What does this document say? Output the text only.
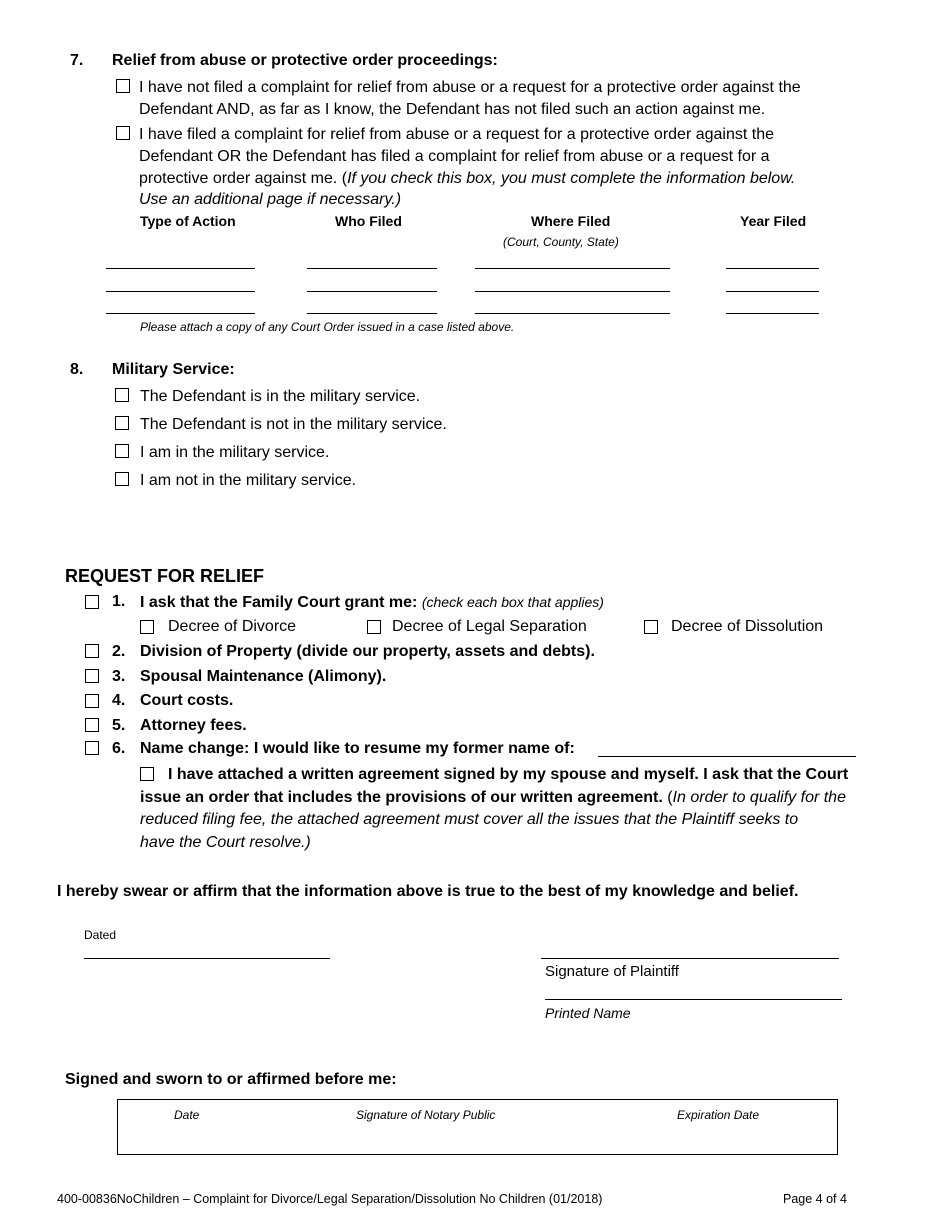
7. Relief from abuse or protective order proceedings:
I have not filed a complaint for relief from abuse or a request for a protective order against the
Defendant AND, as far as I know, the Defendant has not filed such an action against me.
I have filed a complaint for relief from abuse or a request for a protective order against the
Defendant OR the Defendant has filed a complaint for relief from abuse or a request for a
protective order against me. (If you check this box, you must complete the information below.
Use an additional page if necessary.)
Type of Action	Who Filed	Where Filed	Year Filed
(Court, County, State)
Please attach a copy of any Court Order issued in a case listed above.
8. Military Service:
The Defendant is in the military service.
The Defendant is not in the military service.
I am in the military service.
I am not in the military service.
REQUEST FOR RELIEF
1. I ask that the Family Court grant me: (check each box that applies)
Decree of Divorce	Decree of Legal Separation	Decree of Dissolution
2. Division of Property (divide our property, assets and debts).
3. Spousal Maintenance (Alimony).
4. Court costs.
5. Attorney fees.
6. Name change: I would like to resume my former name of:
I have attached a written agreement signed by my spouse and myself. I ask that the Court
issue an order that includes the provisions of our written agreement. (In order to qualify for the
reduced filing fee, the attached agreement must cover all the issues that the Plaintiff seeks to
have the Court resolve.)
I hereby swear or affirm that the information above is true to the best of my knowledge and belief.
Dated
Signature of Plaintiff
Printed Name
Signed and sworn to or affirmed before me:
Date	Signature of Notary Public	Expiration Date
400-00836NoChildren – Complaint for Divorce/Legal Separation/Dissolution No Children (01/2018)	Page 4 of 4
